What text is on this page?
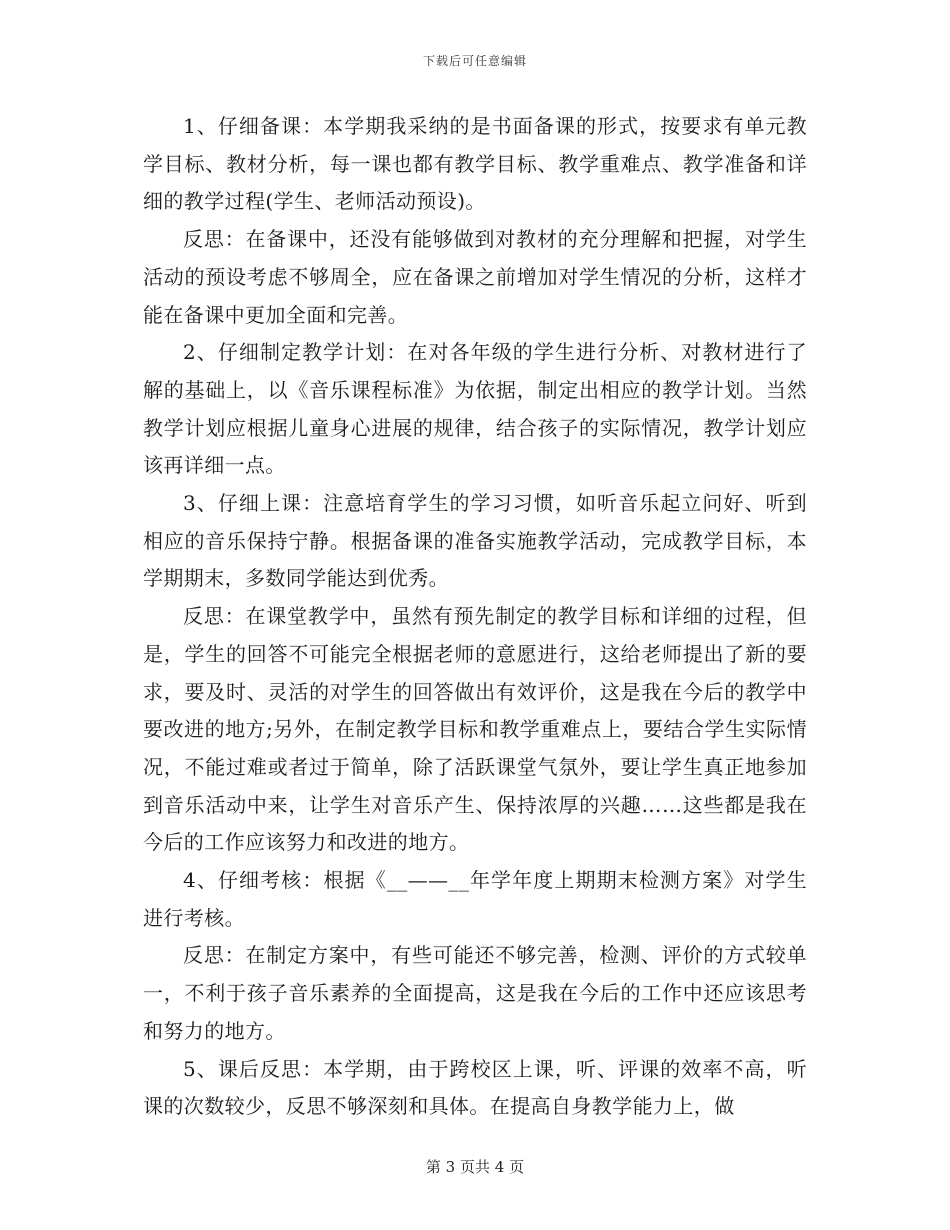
下载后可任意编辑

1、仔细备课：本学期我采纳的是书面备课的形式，按要求有单元教学目标、教材分析，每一课也都有教学目标、教学重难点、教学准备和详细的教学过程(学生、老师活动预设)。

反思：在备课中，还没有能够做到对教材的充分理解和把握，对学生活动的预设考虑不够周全，应在备课之前增加对学生情况的分析，这样才能在备课中更加全面和完善。

2、仔细制定教学计划：在对各年级的学生进行分析、对教材进行了解的基础上，以《音乐课程标准》为依据，制定出相应的教学计划。当然教学计划应根据儿童身心进展的规律，结合孩子的实际情况，教学计划应该再详细一点。

3、仔细上课：注意培育学生的学习习惯，如听音乐起立问好、听到相应的音乐保持宁静。根据备课的准备实施教学活动，完成教学目标，本学期期末，多数同学能达到优秀。

反思：在课堂教学中，虽然有预先制定的教学目标和详细的过程，但是，学生的回答不可能完全根据老师的意愿进行，这给老师提出了新的要求，要及时、灵活的对学生的回答做出有效评价，这是我在今后的教学中要改进的地方;另外，在制定教学目标和教学重难点上，要结合学生实际情况，不能过难或者过于简单，除了活跃课堂气氛外，要让学生真正地参加到音乐活动中来，让学生对音乐产生、保持浓厚的兴趣……这些都是我在今后的工作应该努力和改进的地方。

4、仔细考核：根据《__——__年学年度上期期末检测方案》对学生进行考核。

反思：在制定方案中，有些可能还不够完善，检测、评价的方式较单一，不利于孩子音乐素养的全面提高，这是我在今后的工作中还应该思考和努力的地方。

5、课后反思：本学期，由于跨校区上课，听、评课的效率不高，听课的次数较少，反思不够深刻和具体。在提高自身教学能力上，做

第 3 页共 4 页
